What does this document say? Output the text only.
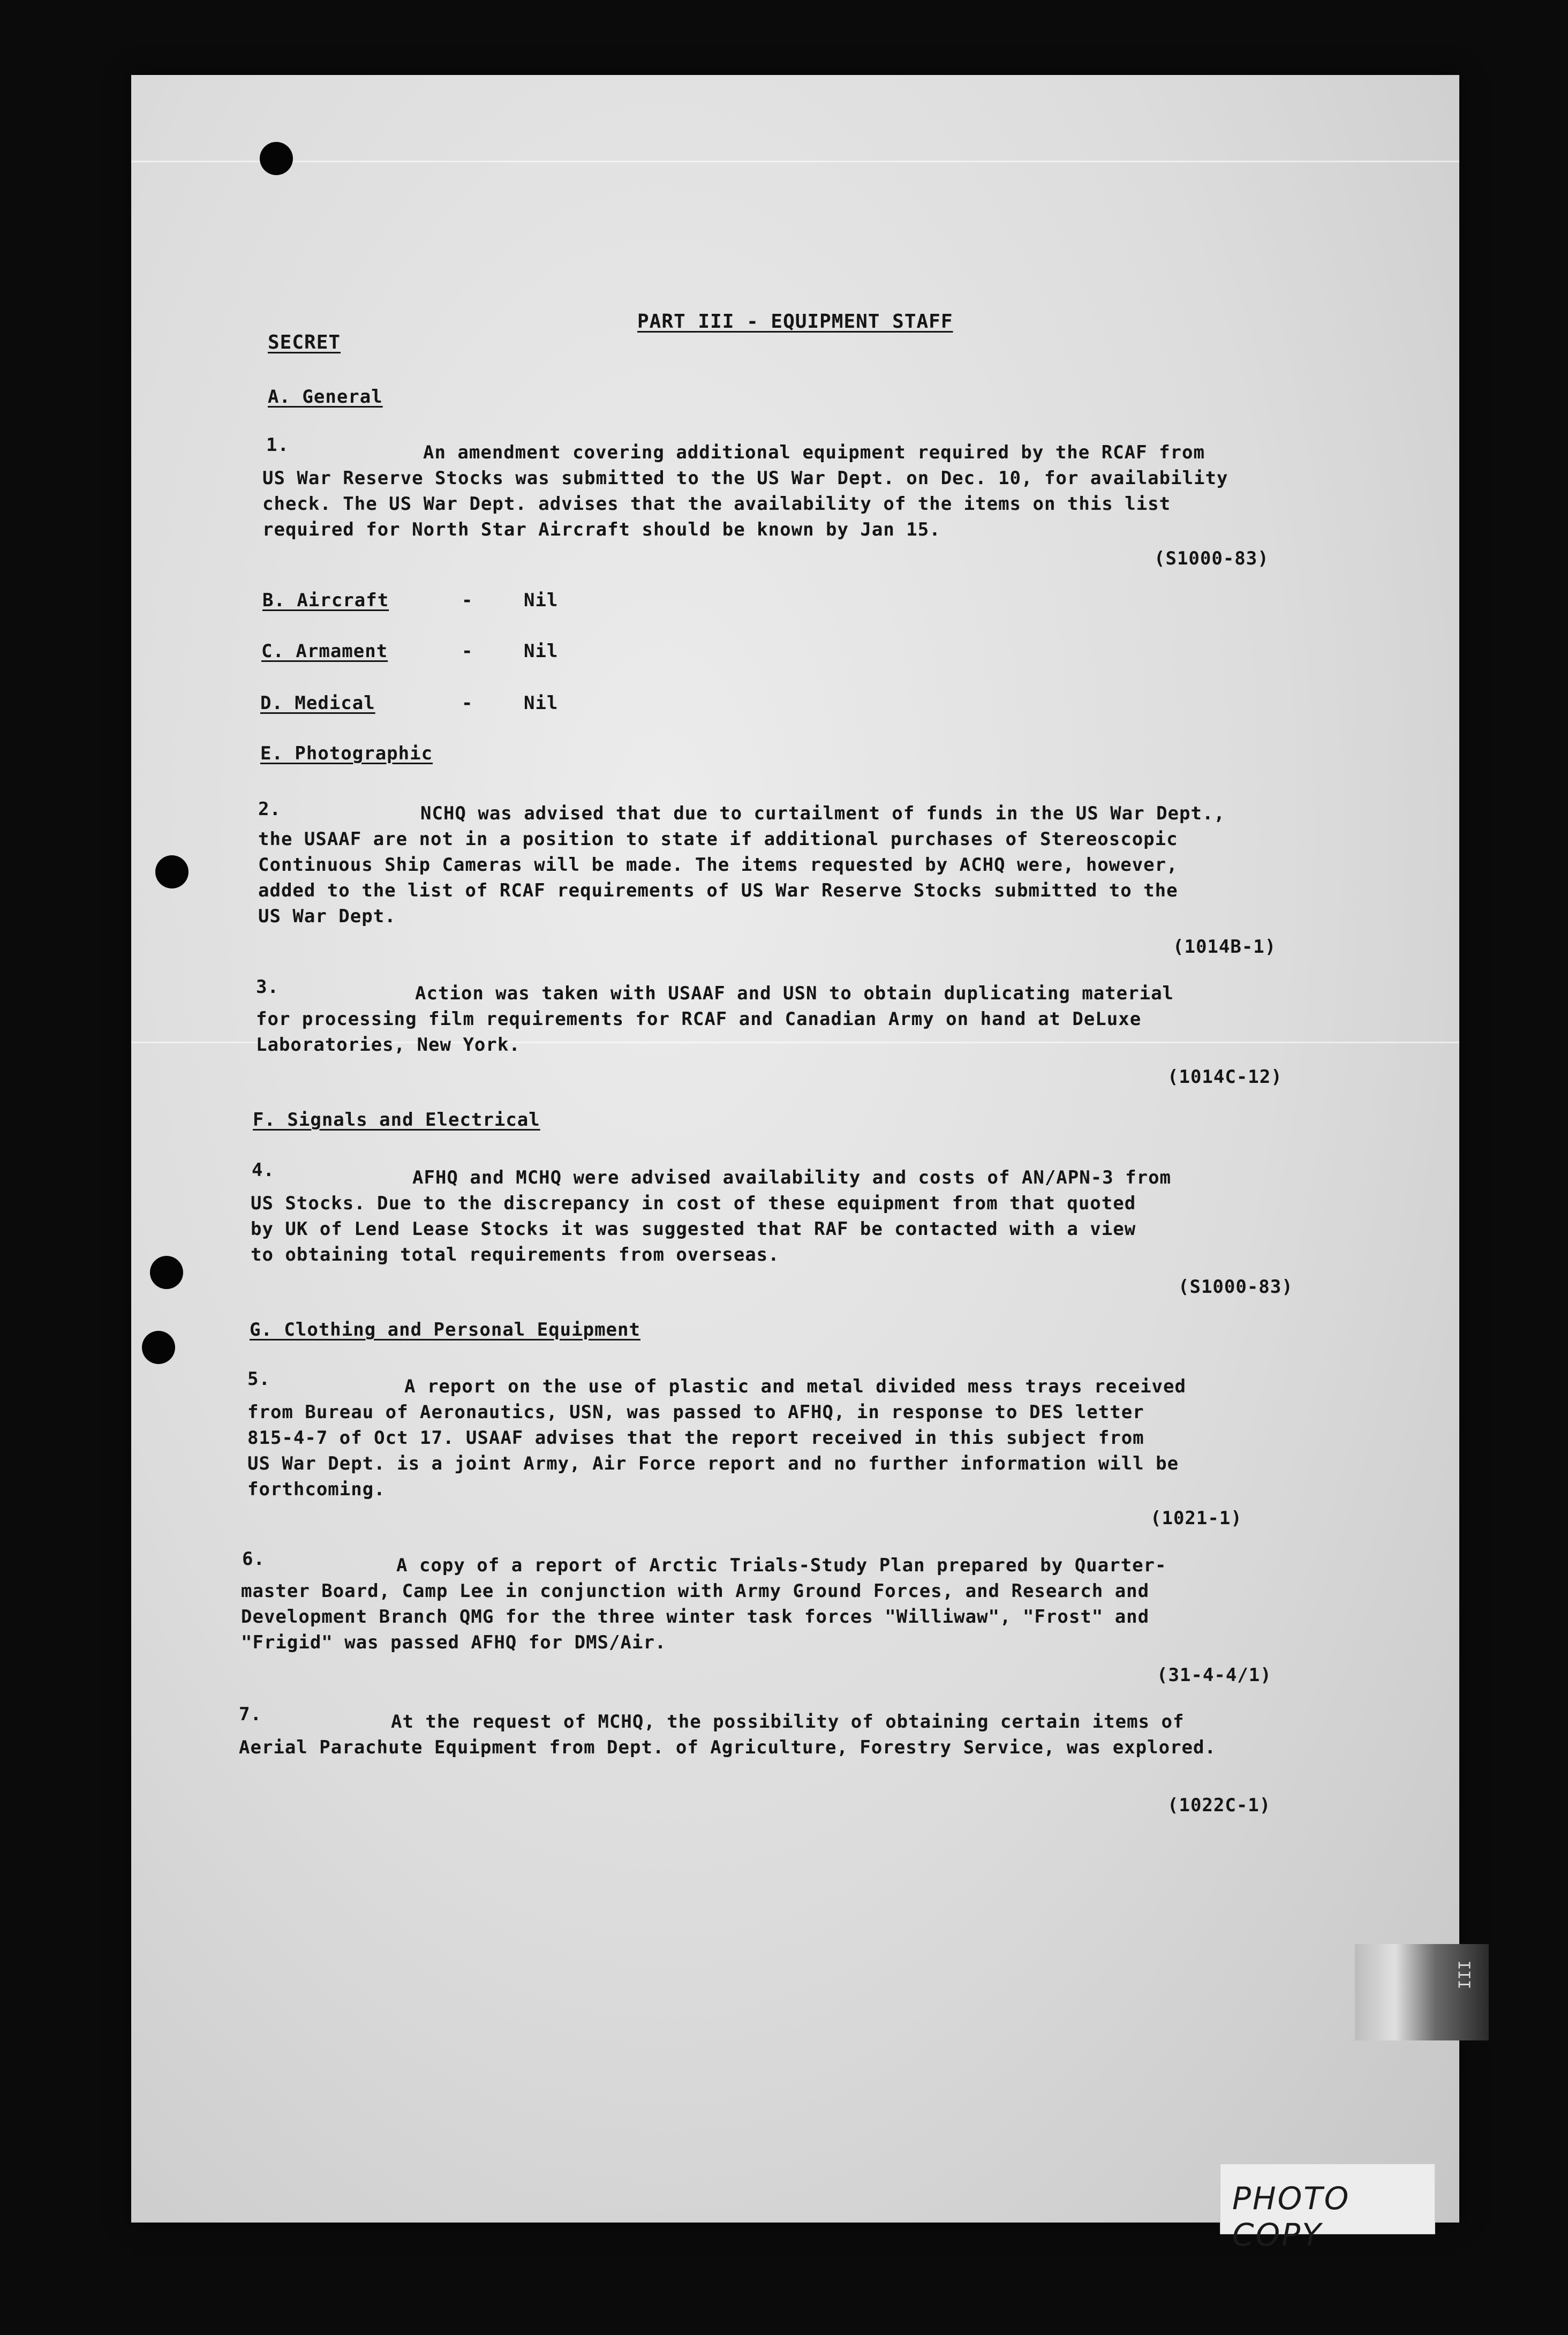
PART III - EQUIPMENT STAFF
SECRET
A. General
1.	An amendment covering additional equipment required by the RCAF from
US War Reserve Stocks was submitted to the US War Dept. on Dec. 10, for availability
check. The US War Dept. advises that the availability of the items on this list
required for North Star Aircraft should be known by Jan 15.
(S1000-83)
B. Aircraft	-	Nil
C. Armament	-	Nil
D. Medical	-	Nil
E. Photographic
2.	NCHQ was advised that due to curtailment of funds in the US War Dept.,
the USAAF are not in a position to state if additional purchases of Stereoscopic
Continuous Ship Cameras will be made. The items requested by ACHQ were, however,
added to the list of RCAF requirements of US War Reserve Stocks submitted to the
US War Dept.
(1014B-1)
3.	Action was taken with USAAF and USN to obtain duplicating material
for processing film requirements for RCAF and Canadian Army on hand at DeLuxe
Laboratories, New York.
(1014C-12)
F. Signals and Electrical
4.	AFHQ and MCHQ were advised availability and costs of AN/APN-3 from
US Stocks. Due to the discrepancy in cost of these equipment from that quoted
by UK of Lend Lease Stocks it was suggested that RAF be contacted with a view
to obtaining total requirements from overseas.
(S1000-83)
G. Clothing and Personal Equipment
5.	A report on the use of plastic and metal divided mess trays received
from Bureau of Aeronautics, USN, was passed to AFHQ, in response to DES letter
815-4-7 of Oct 17. USAAF advises that the report received in this subject from
US War Dept. is a joint Army, Air Force report and no further information will be
forthcoming.
(1021-1)
6.	A copy of a report of Arctic Trials-Study Plan prepared by Quarter-
master Board, Camp Lee in conjunction with Army Ground Forces, and Research and
Development Branch QMG for the three winter task forces "Williwaw", "Frost" and
"Frigid" was passed AFHQ for DMS/Air.
(31-4-4/1)
7.	At the request of MCHQ, the possibility of obtaining certain items of
Aerial Parachute Equipment from Dept. of Agriculture, Forestry Service, was explored.
(1022C-1)
III
PHOTO COPY
